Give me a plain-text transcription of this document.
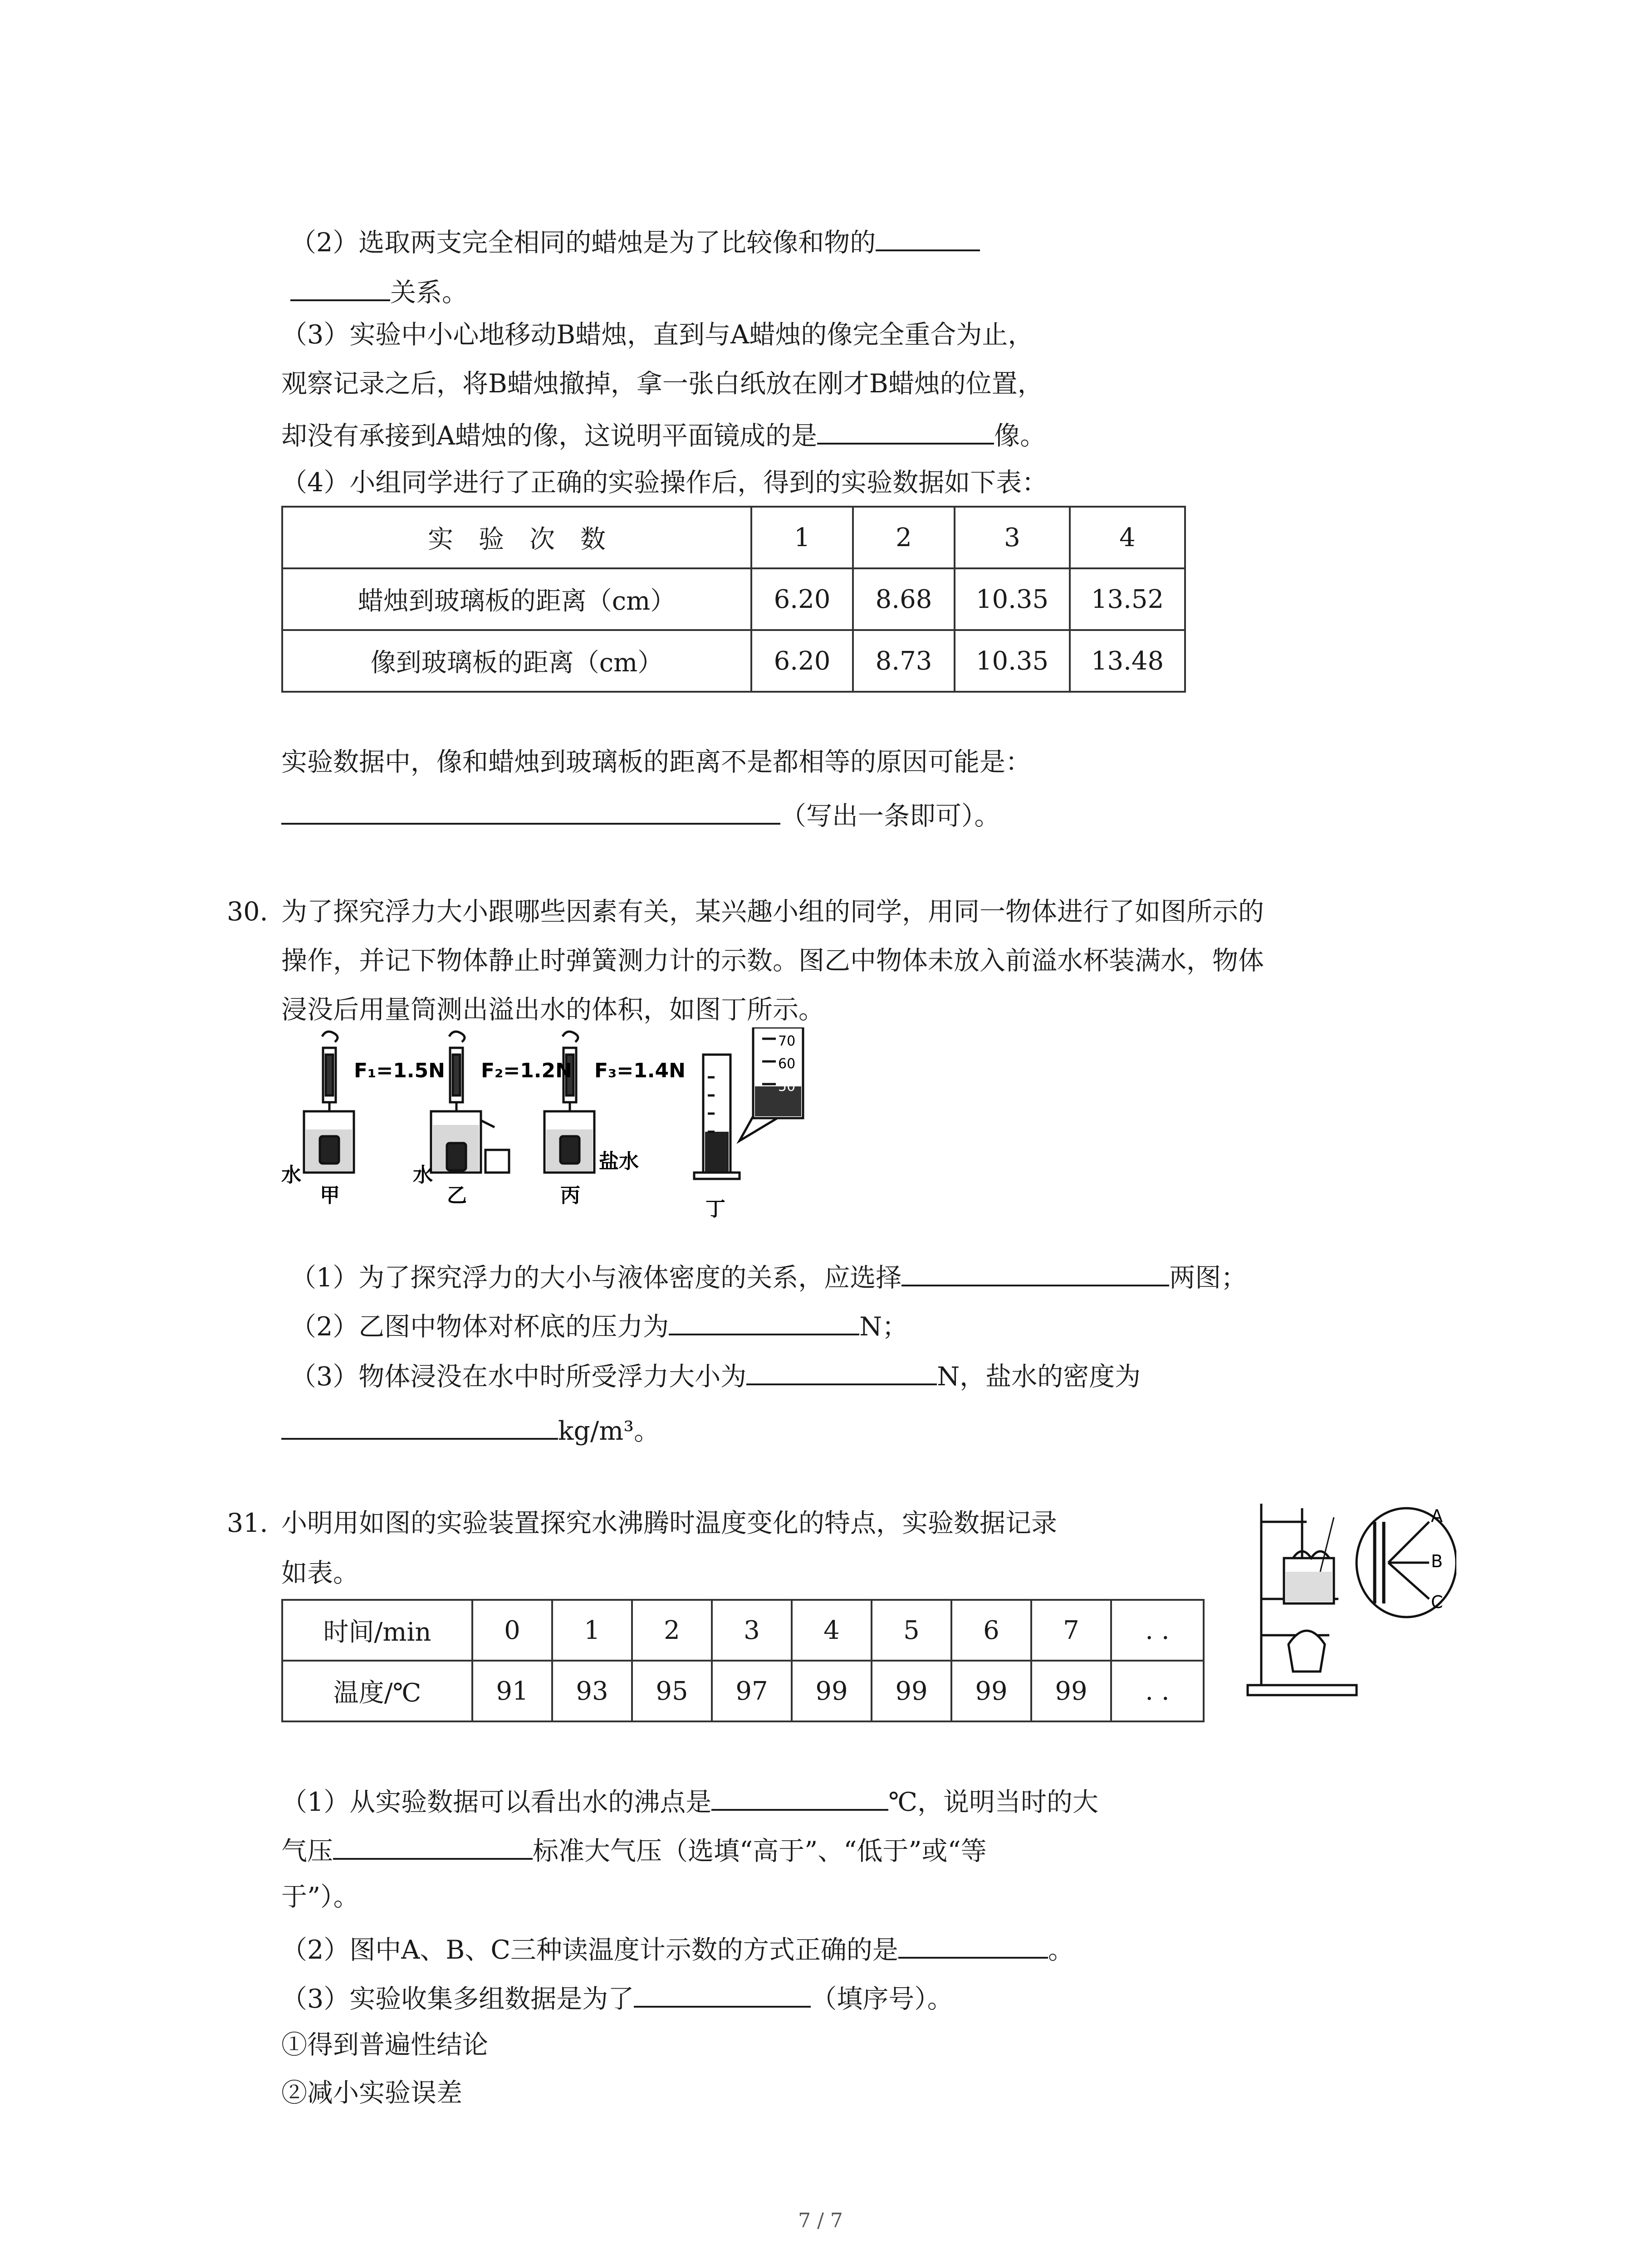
（2）选取两支完全相同的蜡烛是为了比较像和物的
关系。
（3）实验中小心地移动B蜡烛，直到与A蜡烛的像完全重合为止，
观察记录之后，将B蜡烛撤掉，拿一张白纸放在刚才B蜡烛的位置，
却没有承接到A蜡烛的像，这说明平面镜成的是	像。
（4）小组同学进行了正确的实验操作后，得到的实验数据如下表：
实　验　次　数	1	2	3	4
蜡烛到玻璃板的距离（cm）	6.20	8.68	10.35	13.52
像到玻璃板的距离（cm）	6.20	8.73	10.35	13.48
实验数据中，像和蜡烛到玻璃板的距离不是都相等的原因可能是：
（写出一条即可）。
30. 为了探究浮力大小跟哪些因素有关，某兴趣小组的同学，用同一物体进行了如图所示的
操作，并记下物体静止时弹簧测力计的示数。图乙中物体未放入前溢水杯装满水，物体
浸没后用量筒测出溢出水的体积，如图丁所示。
F₁=1.5N F₂=1.2N F₃=1.4N
水	水
盐水
甲	乙	丙
丁
70
60
50
（1）为了探究浮力的大小与液体密度的关系，应选择	两图；
（2）乙图中物体对杯底的压力为	N；
（3）物体浸没在水中时所受浮力大小为	N，盐水的密度为
kg/m³。
31. 小明用如图的实验装置探究水沸腾时温度变化的特点，实验数据记录
如表。
时间/min	0	1	2	3	4	5	6	7	. .
温度/℃	91	93	95	97	99	99	99	99	. .
A
B
C
（1）从实验数据可以看出水的沸点是	℃，说明当时的大
气压	标准大气压（选填“高于”、“低于”或“等
于”）。
（2）图中A、B、C三种读温度计示数的方式正确的是	。
（3）实验收集多组数据是为了	（填序号）。
①得到普遍性结论
②减小实验误差
7 / 7
